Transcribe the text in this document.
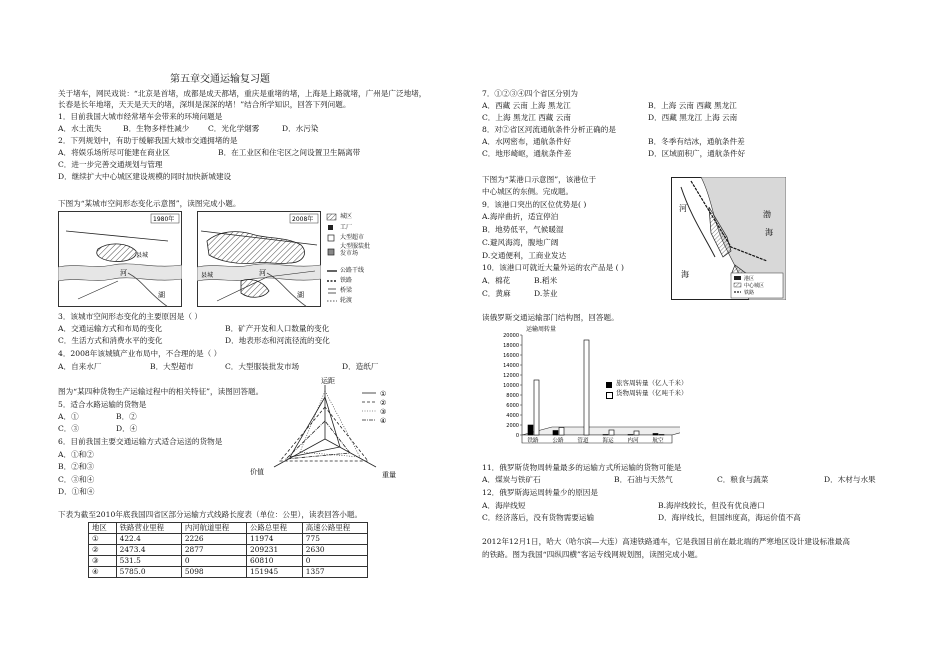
第五章交通运输复习题
关于堵车，网民戏说：“北京是首堵，成都是成天都堵，重庆是重堵的堵，上海是上路就堵，广州是广泛地堵，
长春是长年地堵，天天是天天的堵，深圳是深深的堵！”结合所学知识，回答下列问题。
1．目前我国大城市经常堵车会带来的环境问题是
A．水土流失	B．生物多样性减少 C．光化学烟雾	D．水污染
2．下列规划中，有助于缓解我国大城市交通拥堵的是
A．将娱乐场所尽可能建在商业区	B．在工业区和住宅区之间设置卫生隔离带
C．进一步完善交通规划与管理
D．继续扩大中心城区建设规模的同时加快新城建设
下图为“某城市空间形态变化示意图”，读图完成小题。
1980年
河
湖
县城
2008年
河
湖
县城
城区
工厂
大型超市
大型服装批发市场
公路干线
铁路
桥梁
轮渡
3．该城市空间形态变化的主要原因是（ ）
A．交通运输方式和布局的变化	B．矿产开发和人口数量的变化
C．生活方式和消费水平的变化	D．地表形态和河流径流的变化
4．2008年该城镇产业布局中，不合理的是（ ）
A．自来水厂	B．大型超市	C．大型服装批发市场	D．造纸厂
图为“某四种货物生产运输过程中的相关特征”，读图回答题。
运距
价值	重量
①
②
③
④
5．适合水路运输的货物是
A．①	B．②
C．③	D．④
6．目前我国主要交通运输方式适合运送的货物是
A．①和②
B．②和③
C．③和④
D．①和④
下表为截至2010年底我国四省区部分运输方式线路长度表（单位：公里），读表回答小题。
地区	铁路营业里程	内河航道里程	公路总里程	高速公路里程
①	422.4	2226	11974	775
②	2473.4	2877	209231	2630
③	531.5	0	60810	0
④	5785.0	5098	151945	1357
7．①②③④四个省区分别为
A．西藏 云南 上海 黑龙江	B．上海 云南 西藏 黑龙江
C．上海 黑龙江 西藏 云南	D．西藏 黑龙江 上海 云南
8．对②省区河流通航条件分析正确的是
A．水网密布，通航条件好	B．冬季有结冰，通航条件差
C．地形崎岖，通航条件差	D．区域面积广，通航条件好
下图为“某港口示意图”，该港位于
中心城区的东侧。完成题。
9．该港口突出的区位优势是( )
A.海岸曲折，适宜停泊
B．地势低平，气候暖湿
C.避风海湾，腹地广阔
D.交通便利，工商业发达
10．该港口可就近大量外运的农产品是 ( )
A．棉花	B.稻米
C．黄麻	D.茶业
河
海
渤
海
港区
中心城区
铁路
读俄罗斯交通运输部门结构图，回答题。
运输周转量
0
2000
4000
6000
8000
10000
12000
14000
16000
18000
20000
铁路 公路 管道 海运 内河 航空
旅客周转量（亿人千米）
货物周转量（亿吨千米）
11．俄罗斯货物周转量最多的运输方式所运输的货物可能是
A．煤炭与铁矿石	B．石油与天然气	C．粮食与蔬菜	D．木材与水果
12．俄罗斯海运周转量少的原因是
A．海岸线短	B.海岸线较长，但没有优良港口
C．经济落后，没有货物需要运输	D．海岸线长，但国纬度高，海运价值不高
2012年12月1日，哈大（哈尔滨—大连）高速铁路通车，它是我国目前在最北端的严寒地区设计建设标准最高
的铁路。图为我国“四纵四横”客运专线网规划图，读图完成小题。
